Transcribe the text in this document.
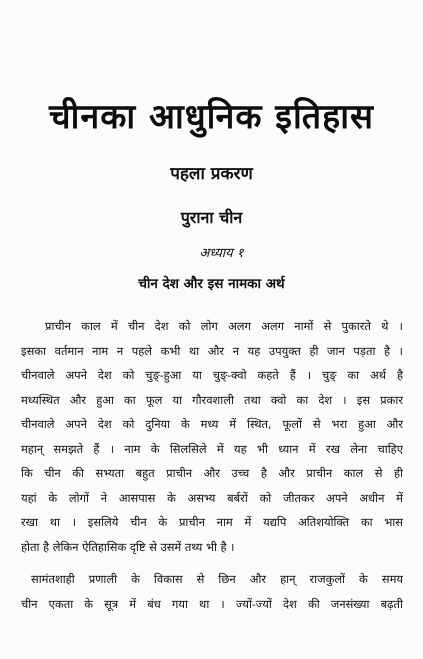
चीनका आधुनिक इतिहास
पहला प्रकरण
पुराना चीन
अध्याय १
चीन देश और इस नामका अर्थ
प्राचीन काल में चीन देश को लोग अलग अलग नामों से पुकारते थे ।
इसका वर्तमान नाम न पहले कभी था और न यह उपयुक्त ही जान पड़ता है ।
चीनवाले अपने देश को चुङ्-हुआ या चुङ्-क्वो कहते हैं । चुङ् का अर्थ है
मध्यस्थित और हुआ का फूल या गौरवशाली तथा क्वो का देश । इस प्रकार
चीनवाले अपने देश को दुनिया के मध्य में स्थित, फूलों से भरा हुआ और
महान् समझते हैं । नाम के सिलसिले में यह भी ध्यान में रख लेना चाहिए
कि चीन की सभ्यता बहुत प्राचीन और उच्च है और प्राचीन काल से ही
यहां के लोगों ने आसपास के असभ्य बर्बरों को जीतकर अपने अधीन में
रखा था । इसलिये चीन के प्राचीन नाम में यद्यपि अतिशयोक्ति का भास
होता है लेकिन ऐतिहासिक दृष्टि से उसमें तथ्य भी है ।
सामंतशाही प्रणाली के विकास से छिन और हान् राजकुलों के समय
चीन एकता के सूत्र में बंध गया था । ज्यों-ज्यों देश की जनसंख्या बढ़ती
